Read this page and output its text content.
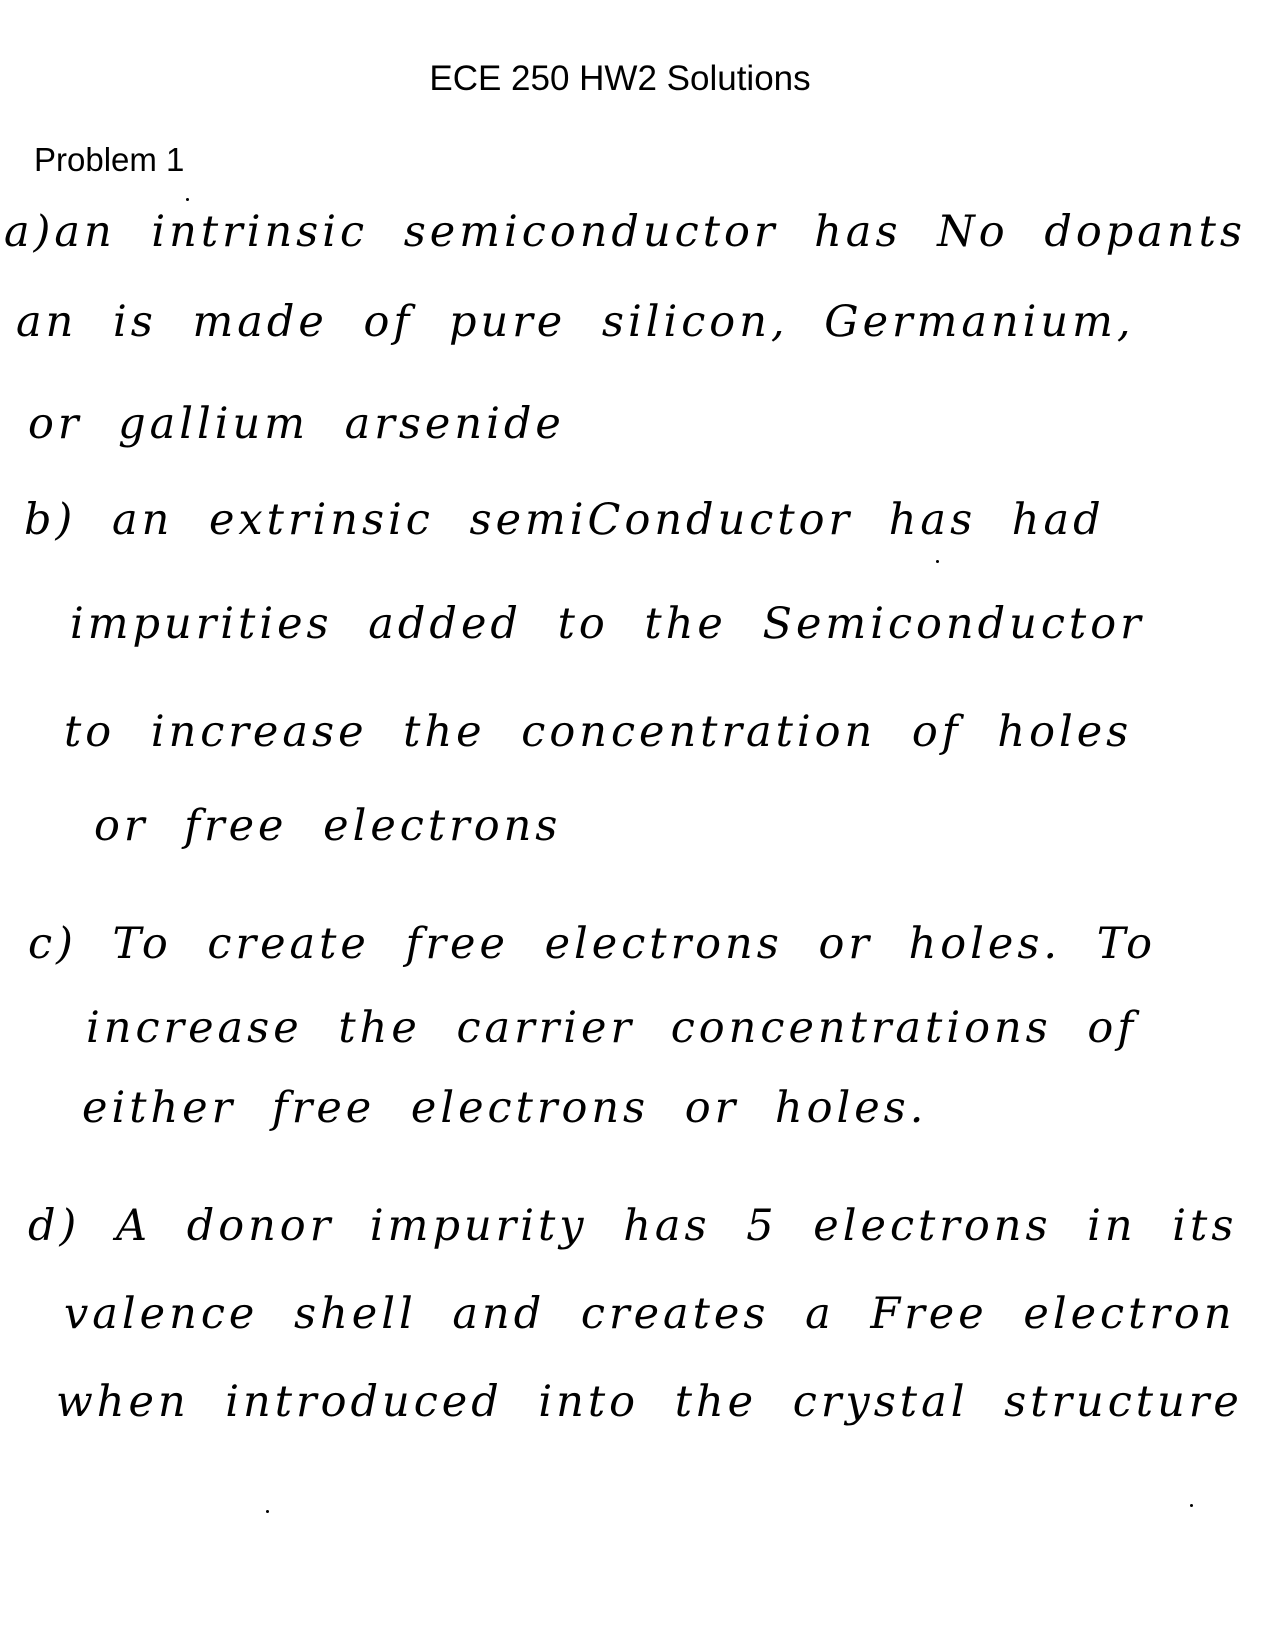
ECE 250 HW2 Solutions
Problem 1
a)an intrinsic semiconductor has No dopants
an is made of pure silicon, Germanium,
or gallium arsenide
b) an extrinsic semiConductor has had
impurities added to the Semiconductor
to increase the concentration of holes
or free electrons
c) To create free electrons or holes. To
increase the carrier concentrations of
either free electrons or holes.
d) A donor impurity has 5 electrons in its
valence shell and creates a Free electron
when introduced into the crystal structure
